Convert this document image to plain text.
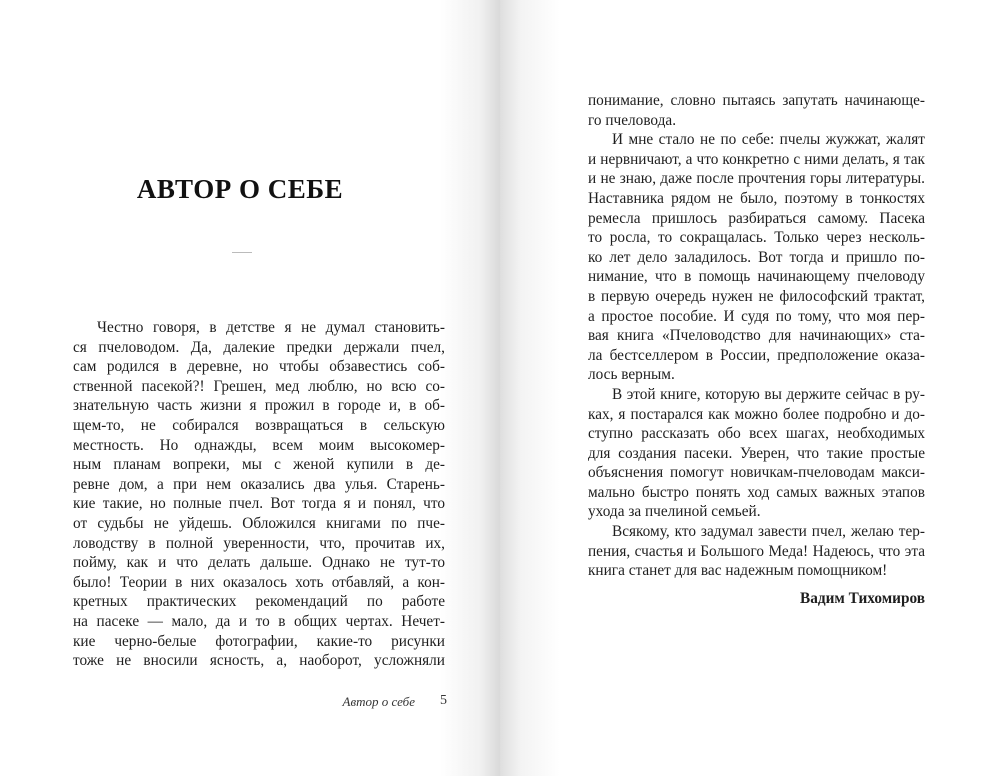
АВТОР О СЕБЕ
Честно говоря, в детстве я не думал становить-
ся пчеловодом. Да, далекие предки держали пчел,
сам родился в деревне, но чтобы обзавестись соб-
ственной пасекой?! Грешен, мед люблю, но всю со-
знательную часть жизни я прожил в городе и, в об-
щем-то, не собирался возвращаться в сельскую
местность. Но однажды, всем моим высокомер-
ным планам вопреки, мы с женой купили в де-
ревне дом, а при нем оказались два улья. Старень-
кие такие, но полные пчел. Вот тогда я и понял, что
от судьбы не уйдешь. Обложился книгами по пче-
ловодству в полной уверенности, что, прочитав их,
пойму, как и что делать дальше. Однако не тут-то
было! Теории в них оказалось хоть отбавляй, а кон-
кретных практических рекомендаций по работе
на пасеке — мало, да и то в общих чертах. Нечет-
кие черно-белые фотографии, какие-то рисунки
тоже не вносили ясность, а, наоборот, усложняли
Автор о себе 5
понимание, словно пытаясь запутать начинающе-
го пчеловода.
И мне стало не по себе: пчелы жужжат, жалят
и нервничают, а что конкретно с ними делать, я так
и не знаю, даже после прочтения горы литературы.
Наставника рядом не было, поэтому в тонкостях
ремесла пришлось разбираться самому. Пасека
то росла, то сокращалась. Только через несколь-
ко лет дело заладилось. Вот тогда и пришло по-
нимание, что в помощь начинающему пчеловоду
в первую очередь нужен не философский трактат,
а простое пособие. И судя по тому, что моя пер-
вая книга «Пчеловодство для начинающих» ста-
ла бестселлером в России, предположение оказа-
лось верным.
В этой книге, которую вы держите сейчас в ру-
ках, я постарался как можно более подробно и до-
ступно рассказать обо всех шагах, необходимых
для создания пасеки. Уверен, что такие простые
объяснения помогут новичкам-пчеловодам макси-
мально быстро понять ход самых важных этапов
ухода за пчелиной семьей.
Всякому, кто задумал завести пчел, желаю тер-
пения, счастья и Большого Меда! Надеюсь, что эта
книга станет для вас надежным помощником!
Вадим Тихомиров
